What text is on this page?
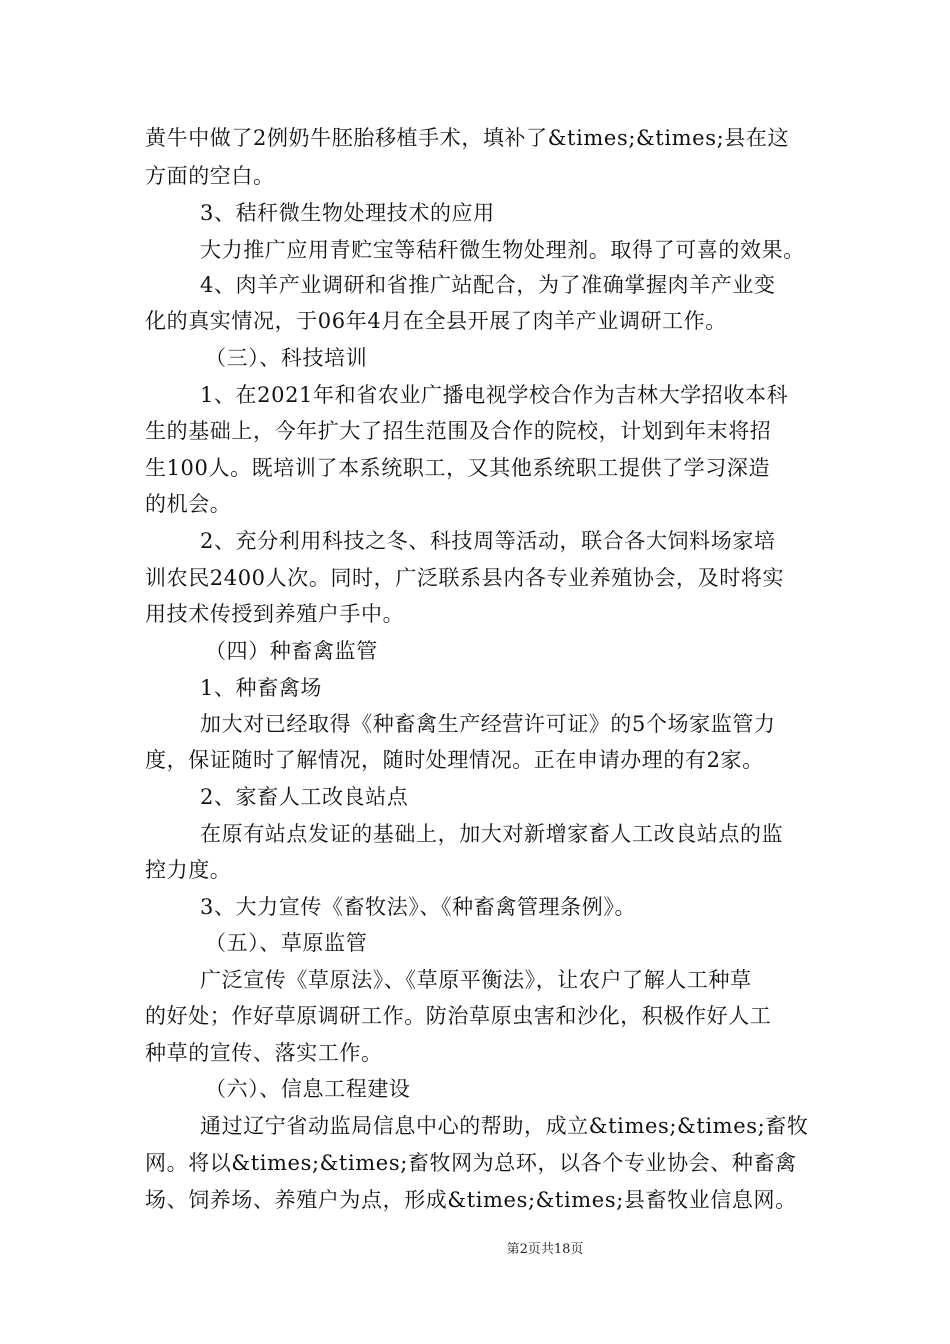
黄牛中做了2例奶牛胚胎移植手术，填补了&times;&times;县在这
方面的空白。
3、秸秆微生物处理技术的应用
大力推广应用青贮宝等秸秆微生物处理剂。取得了可喜的效果。
4、肉羊产业调研和省推广站配合，为了准确掌握肉羊产业变
化的真实情况，于06年4月在全县开展了肉羊产业调研工作。
（三）、科技培训
1、在2021年和省农业广播电视学校合作为吉林大学招收本科
生的基础上，今年扩大了招生范围及合作的院校，计划到年末将招
生100人。既培训了本系统职工，又其他系统职工提供了学习深造
的机会。
2、充分利用科技之冬、科技周等活动，联合各大饲料场家培
训农民2400人次。同时，广泛联系县内各专业养殖协会，及时将实
用技术传授到养殖户手中。
（四）种畜禽监管
1、种畜禽场
加大对已经取得《种畜禽生产经营许可证》的5个场家监管力
度，保证随时了解情况，随时处理情况。正在申请办理的有2家。
2、家畜人工改良站点
在原有站点发证的基础上，加大对新增家畜人工改良站点的监
控力度。
3、大力宣传《畜牧法》、《种畜禽管理条例》。
（五）、草原监管
广泛宣传《草原法》、《草原平衡法》，让农户了解人工种草
的好处；作好草原调研工作。防治草原虫害和沙化，积极作好人工
种草的宣传、落实工作。
（六）、信息工程建设
通过辽宁省动监局信息中心的帮助，成立&times;&times;畜牧
网。将以&times;&times;畜牧网为总环，以各个专业协会、种畜禽
场、饲养场、养殖户为点，形成&times;&times;县畜牧业信息网。
第2页共18页
